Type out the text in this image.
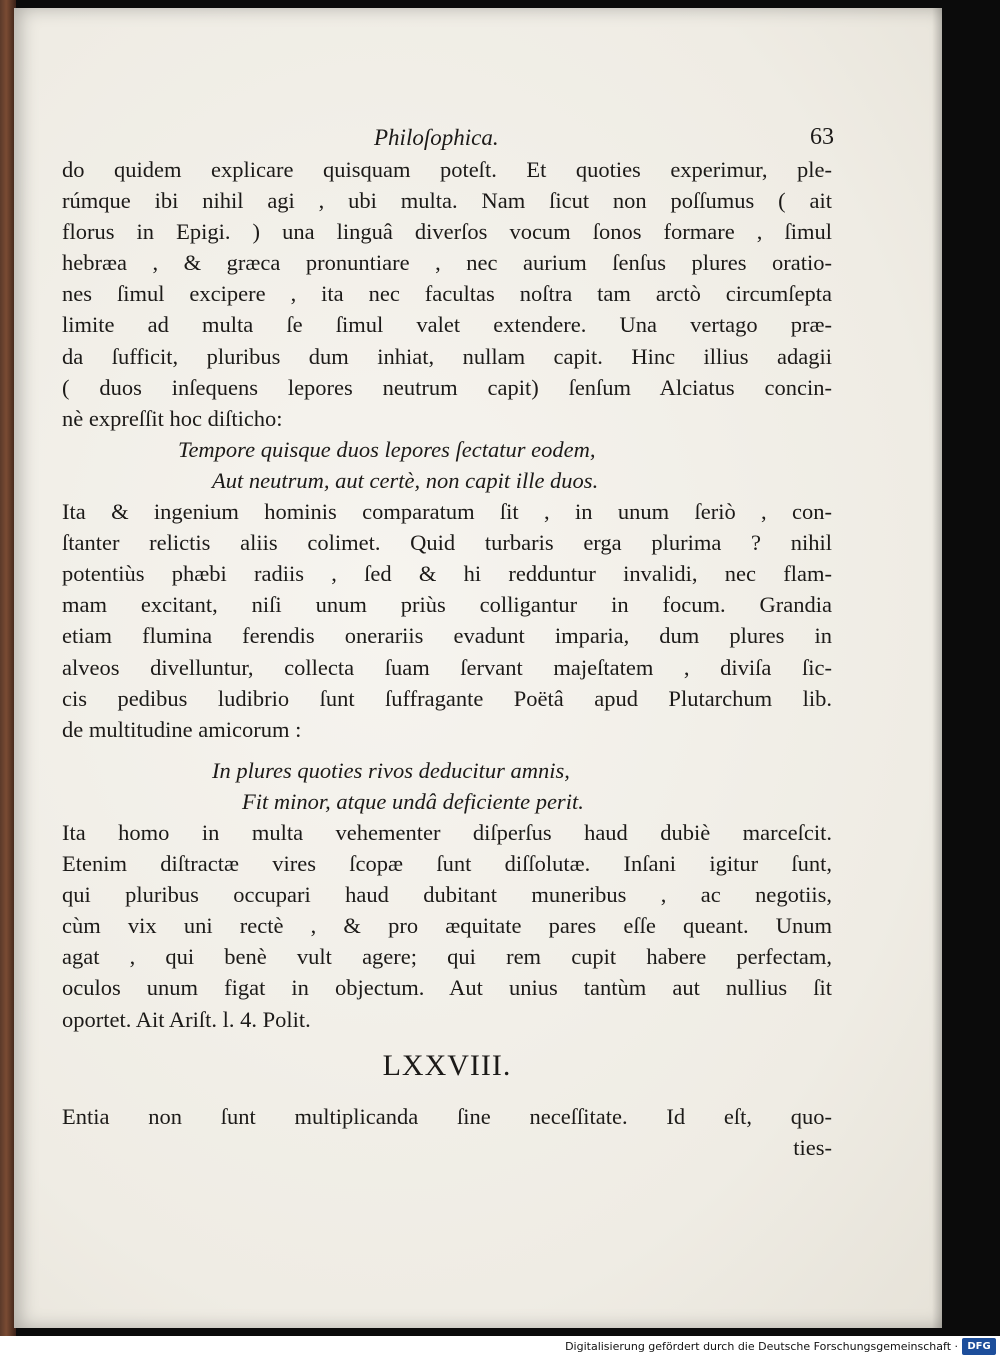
Philoſophica.	63
do quidem explicare quisquam poteſt. Et quoties experimur, ple-
rúmque ibi nihil agi , ubi multa. Nam ſicut non poſſumus ( ait
florus in Epigi. ) una linguâ diverſos vocum ſonos formare , ſimul
hebræa , & græca pronuntiare , nec aurium ſenſus plures oratio-
nes ſimul excipere , ita nec facultas noſtra tam arctò circumſepta
limite ad multa ſe ſimul valet extendere. Una vertago præ-
da ſufficit, pluribus dum inhiat, nullam capit. Hinc illius adagii
( duos inſequens lepores neutrum capit) ſenſum Alciatus concin-
nè expreſſit hoc diſticho:
Tempore quisque duos lepores ſectatur eodem,
Aut neutrum, aut certè, non capit ille duos.
Ita & ingenium hominis comparatum ſit , in unum ſeriò , con-
ſtanter relictis aliis colimet. Quid turbaris erga plurima ? nihil
potentiùs phæbi radiis , ſed & hi redduntur invalidi, nec flam-
mam excitant, niſi unum priùs colligantur in focum. Grandia
etiam flumina ferendis onerariis evadunt imparia, dum plures in
alveos divelluntur, collecta ſuam ſervant majeſtatem , diviſa ſic-
cis pedibus ludibrio ſunt ſuffragante Poëtâ apud Plutarchum lib.
de multitudine amicorum :
In plures quoties rivos deducitur amnis,
Fit minor, atque undâ deficiente perit.
Ita homo in multa vehementer diſperſus haud dubiè marceſcit.
Etenim diſtractæ vires ſcopæ ſunt diſſolutæ. Inſani igitur ſunt,
qui pluribus occupari haud dubitant muneribus , ac negotiis,
cùm vix uni rectè , & pro æquitate pares eſſe queant. Unum
agat , qui benè vult agere; qui rem cupit habere perfectam,
oculos unum figat in objectum. Aut unius tantùm aut nullius ſit
oportet. Ait Ariſt. l. 4. Polit.
LXXVIII.
Entia non ſunt multiplicanda ſine neceſſitate. Id eſt, quo-
ties-
Digitalisierung gefördert durch die Deutsche Forschungsgemeinschaft · DFG
